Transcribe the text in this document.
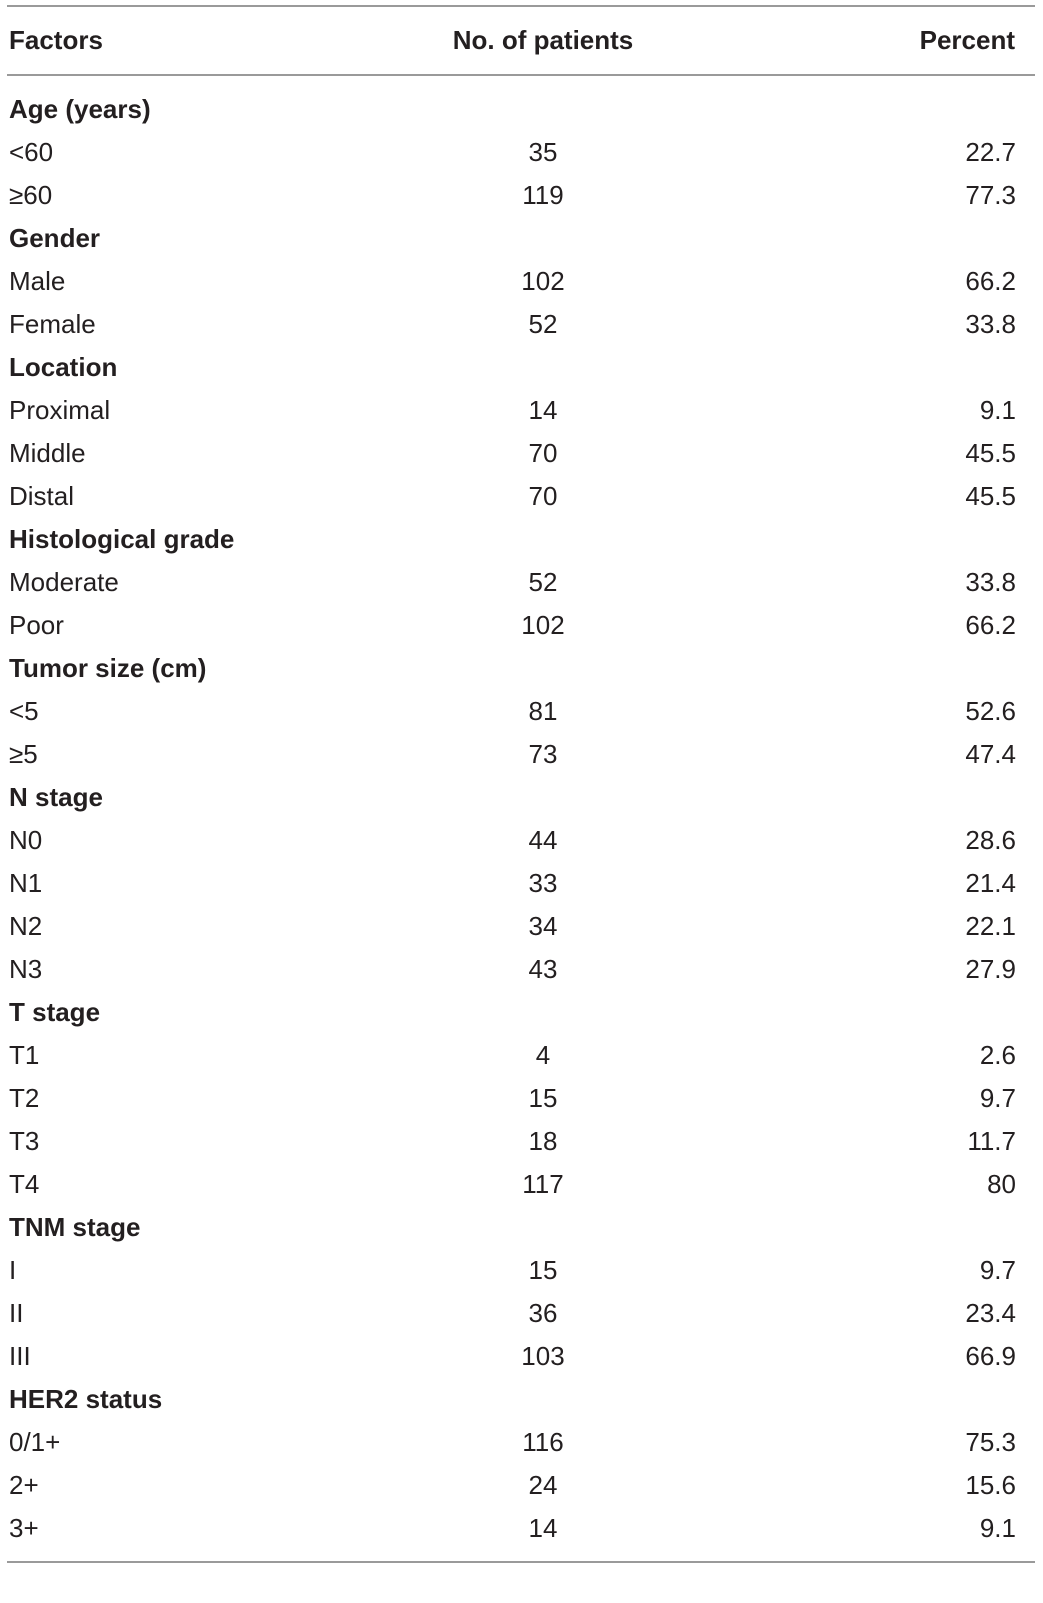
Factors	No. of patients	Percent
Age (years)
<60	35	22.7
≥60	119	77.3
Gender
Male	102	66.2
Female	52	33.8
Location
Proximal	14	9.1
Middle	70	45.5
Distal	70	45.5
Histological grade
Moderate	52	33.8
Poor	102	66.2
Tumor size (cm)
<5	81	52.6
≥5	73	47.4
N stage
N0	44	28.6
N1	33	21.4
N2	34	22.1
N3	43	27.9
T stage
T1	4	2.6
T2	15	9.7
T3	18	11.7
T4	117	80
TNM stage
I	15	9.7
II	36	23.4
III	103	66.9
HER2 status
0/1+	116	75.3
2+	24	15.6
3+	14	9.1
